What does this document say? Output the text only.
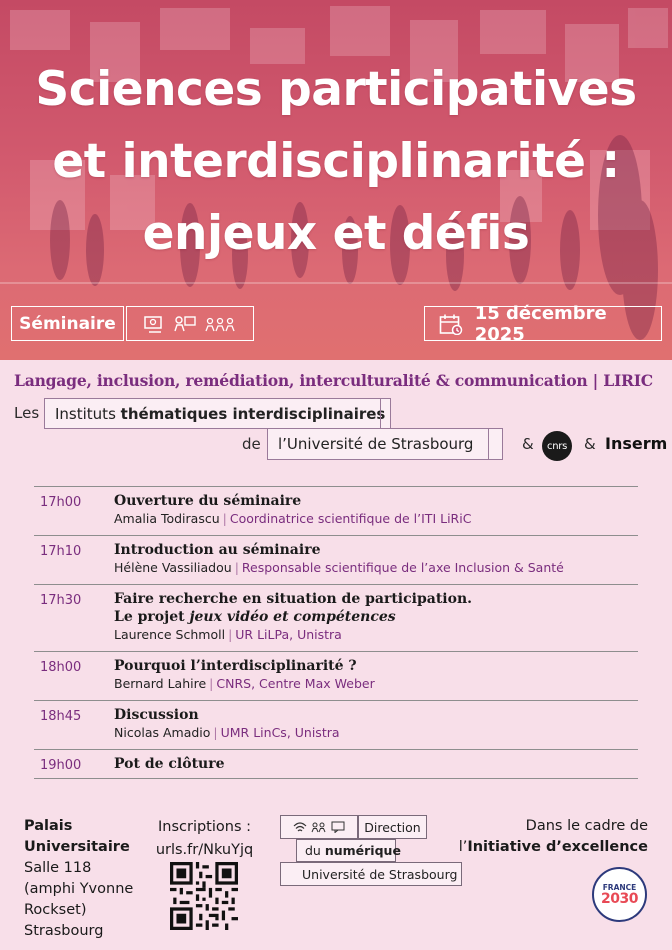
Sciences participatives
et interdisciplinarité :
enjeux et défis
Séminaire	15 décembre 2025
Langage, inclusion, remédiation, interculturalité & communication | LIRIC
Les Instituts thématiques interdisciplinaires
de l’Université de Strasbourg	& cnrs & Inserm
17h00	Ouverture du séminaire
Amalia Todirascu | Coordinatrice scientifique de l’ITI LiRiC
17h10	Introduction au séminaire
Hélène Vassiliadou | Responsable scientifique de l’axe Inclusion & Santé
17h30	Faire recherche en situation de participation.
Le projet jeux vidéo et compétences
Laurence Schmoll | UR LiLPa, Unistra
18h00	Pourquoi l’interdisciplinarité ?
Bernard Lahire | CNRS, Centre Max Weber
18h45	Discussion
Nicolas Amadio | UMR LinCs, Unistra
19h00	Pot de clôture
Palais
Universitaire
Salle 118
(amphi Yvonne
Rockset)
Strasbourg
Inscriptions :
urls.fr/NkuYjq
Direction
du numérique
Université de Strasbourg
Dans le cadre de
l’Initiative d’excellence
FRANCE
2030
